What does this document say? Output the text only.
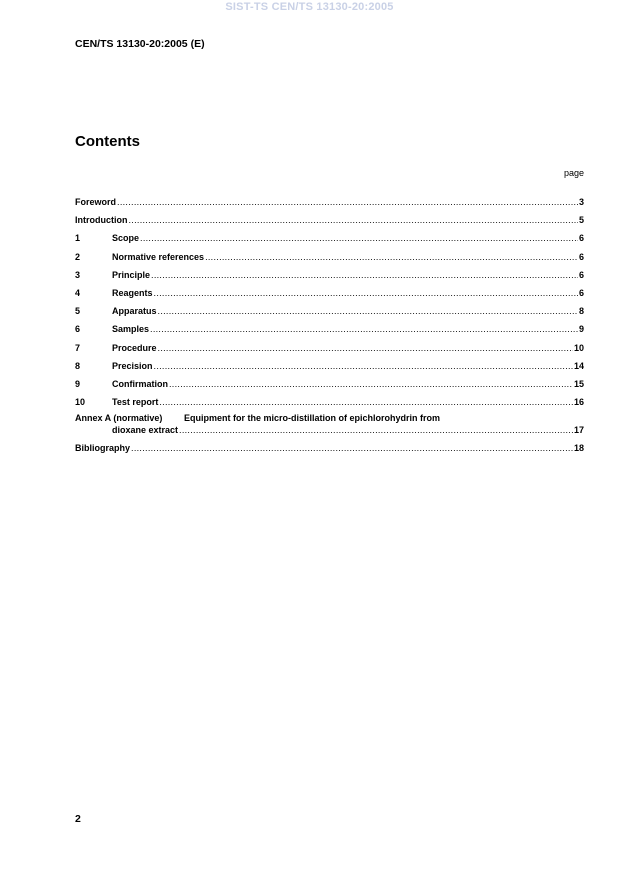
SIST-TS CEN/TS 13130-20:2005
CEN/TS 13130-20:2005 (E)
Contents
page
Foreword .....	3
Introduction .....	5
1	Scope .....	6
2	Normative references .....	6
3	Principle .....	6
4	Reagents .....	6
5	Apparatus .....	8
6	Samples .....	9
7	Procedure .....	10
8	Precision .....	14
9	Confirmation .....	15
10	Test report .....	16
Annex A (normative) Equipment for the micro-distillation of epichlorohydrin from
dioxane extract .....	17
Bibliography .....	18
2
